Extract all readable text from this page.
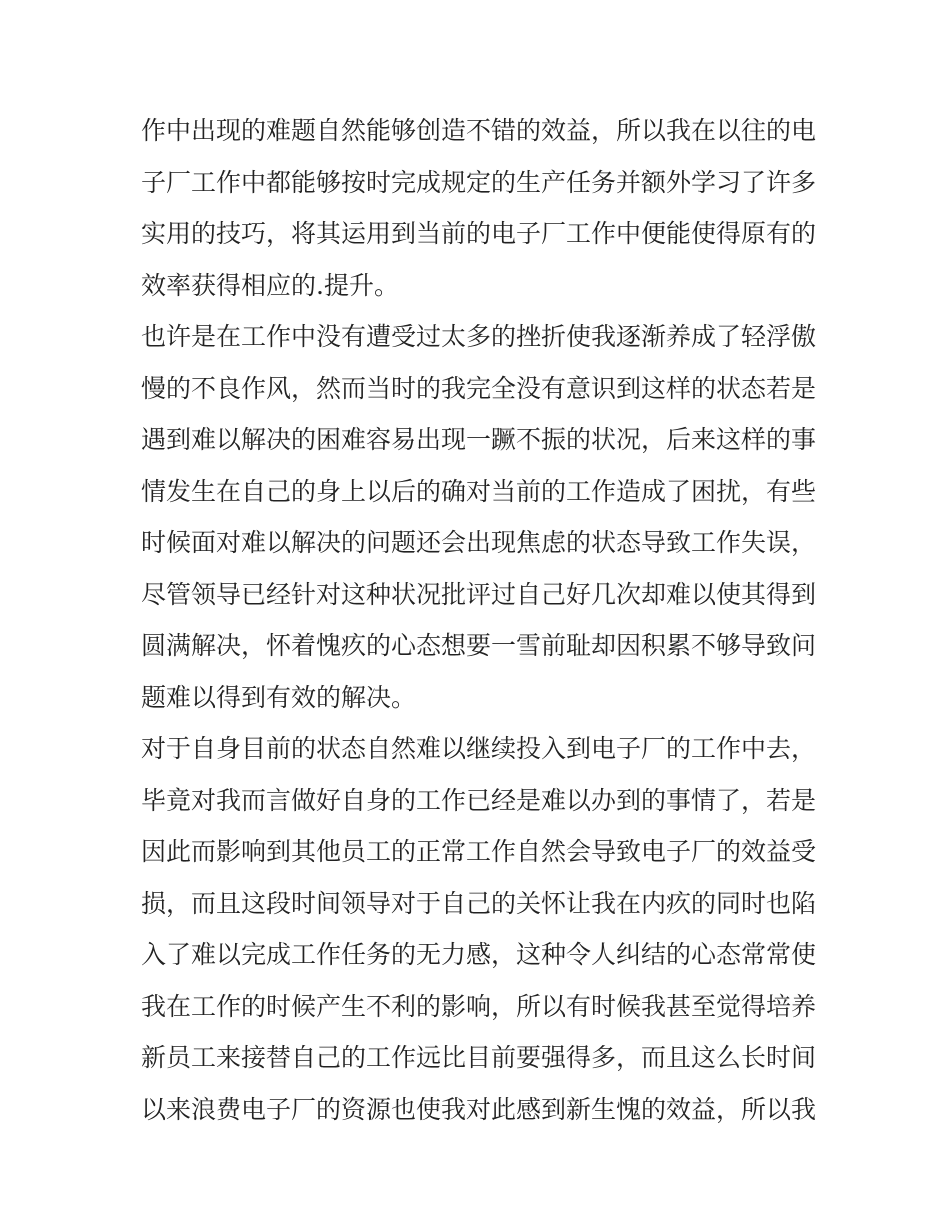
作中出现的难题自然能够创造不错的效益，所以我在以往的电
子厂工作中都能够按时完成规定的生产任务并额外学习了许多
实用的技巧，将其运用到当前的电子厂工作中便能使得原有的
效率获得相应的.提升。
也许是在工作中没有遭受过太多的挫折使我逐渐养成了轻浮傲
慢的不良作风，然而当时的我完全没有意识到这样的状态若是
遇到难以解决的困难容易出现一蹶不振的状况，后来这样的事
情发生在自己的身上以后的确对当前的工作造成了困扰，有些
时候面对难以解决的问题还会出现焦虑的状态导致工作失误，
尽管领导已经针对这种状况批评过自己好几次却难以使其得到
圆满解决，怀着愧疚的心态想要一雪前耻却因积累不够导致问
题难以得到有效的解决。
对于自身目前的状态自然难以继续投入到电子厂的工作中去，
毕竟对我而言做好自身的工作已经是难以办到的事情了，若是
因此而影响到其他员工的正常工作自然会导致电子厂的效益受
损，而且这段时间领导对于自己的关怀让我在内疚的同时也陷
入了难以完成工作任务的无力感，这种令人纠结的心态常常使
我在工作的时候产生不利的影响，所以有时候我甚至觉得培养
新员工来接替自己的工作远比目前要强得多，而且这么长时间
以来浪费电子厂的资源也使我对此感到新生愧的效益，所以我
